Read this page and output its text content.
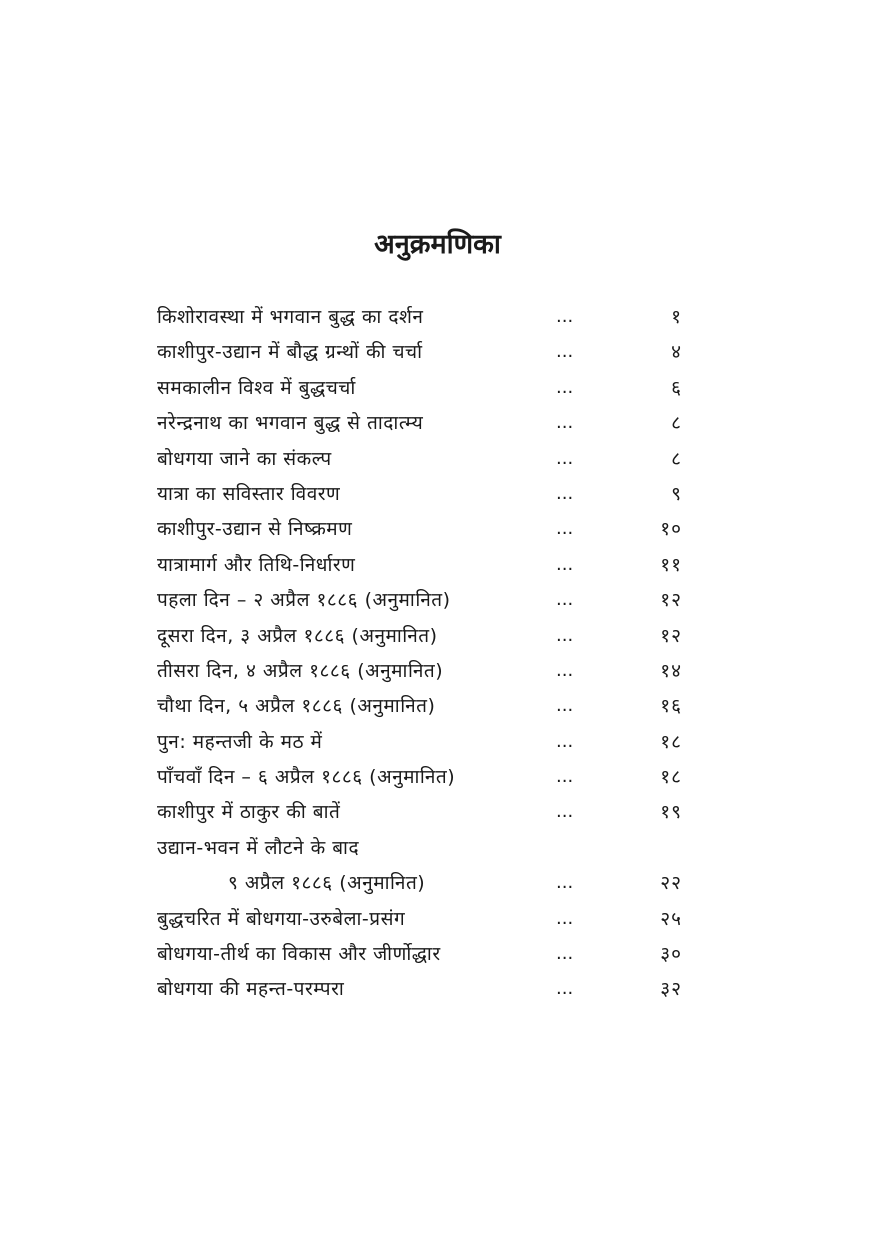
अनुक्रमणिका
किशोरावस्था में भगवान बुद्ध का दर्शन	...	१
काशीपुर-उद्यान में बौद्ध ग्रन्थों की चर्चा	...	४
समकालीन विश्व में बुद्धचर्चा	...	६
नरेन्द्रनाथ का भगवान बुद्ध से तादात्म्य	...	८
बोधगया जाने का संकल्प	...	८
यात्रा का सविस्तार विवरण	...	९
काशीपुर-उद्यान से निष्क्रमण	...	१०
यात्रामार्ग और तिथि-निर्धारण	...	११
पहला दिन – २ अप्रैल १८८६ (अनुमानित)	...	१२
दूसरा दिन, ३ अप्रैल १८८६ (अनुमानित)	...	१२
तीसरा दिन, ४ अप्रैल १८८६ (अनुमानित)	...	१४
चौथा दिन, ५ अप्रैल १८८६ (अनुमानित)	...	१६
पुन: महन्तजी के मठ में	...	१८
पाँचवाँ दिन – ६ अप्रैल १८८६ (अनुमानित)	...	१८
काशीपुर में ठाकुर की बातें	...	१९
उद्यान-भवन में लौटने के बाद
९ अप्रैल १८८६ (अनुमानित)	...	२२
बुद्धचरित में बोधगया-उरुबेला-प्रसंग	...	२५
बोधगया-तीर्थ का विकास और जीर्णोद्धार	...	३०
बोधगया की महन्त-परम्परा	...	३२
